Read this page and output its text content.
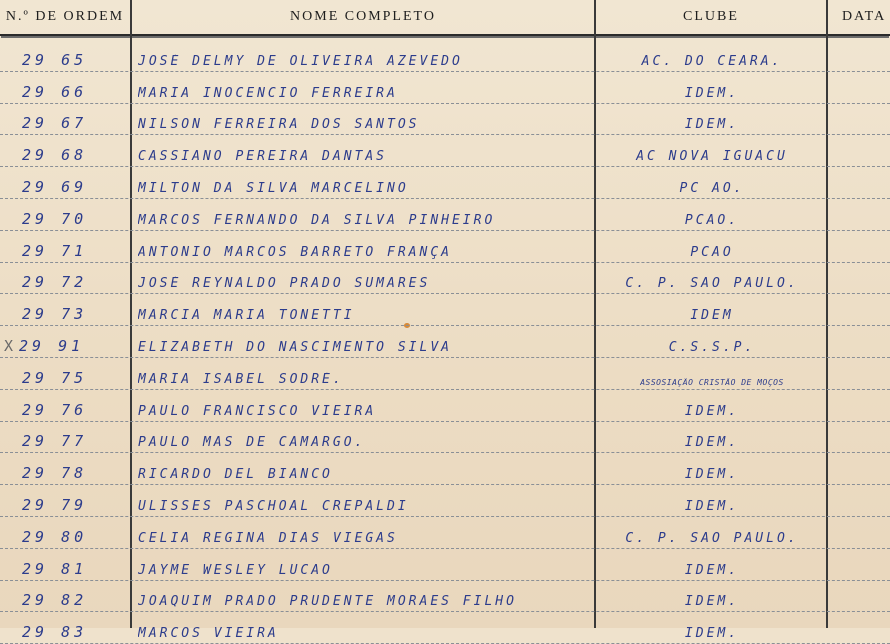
N.º DE ORDEM	NOME COMPLETO	CLUBE	DATA
29 65	JOSÉ DELMY DE OLIVEIRA AZEVEDO	AC. DO CEARA.
29 66	MARIA INOCENCIO FERREIRA	IDEM.
29 67	NILSON FERREIRA DOS SANTOS	IDEM.
29 68	CASSIANO PEREIRA DANTAS	AC NOVA IGUACU
29 69	MILTON DA SILVA MARCELINO	PC AO.
29 70	MARCOS FERNANDO DA SILVA PINHEIRO	PCAO.
29 71	ANTONIO MARCOS BARRETO FRANÇA	PCAO
29 72	JOSÉ REYNALDO PRADO SUMARES	C. P. SÃO PAULO.
29 73	MARCIA MARIA TONETTI	IDEM
X 29 91	ELIZABETH DO NASCIMENTO SILVA	C.S.S.P.
29 75	MARIA ISABEL SODRÉ.	ASSOSIAÇÃO CRISTÃO DE MOÇOS
29 76	PAULO FRANCISCO VIEIRA	IDEM.
29 77	PAULO MAS DE CAMARGO.	IDEM.
29 78	RICARDO DEL BIANCO	IDEM.
29 79	ULISSES PASCHOAL CREPALDI	IDEM.
29 80	CELIA REGINA DIAS VIEGAS	C. P. SÃO PAULO.
29 81	JAYME WESLEY LUCÃO	IDEM.
29 82	JOAQUIM PRADO PRUDENTE MORAES FILHO	IDEM.
29 83	MARCOS VIEIRA	IDEM.
